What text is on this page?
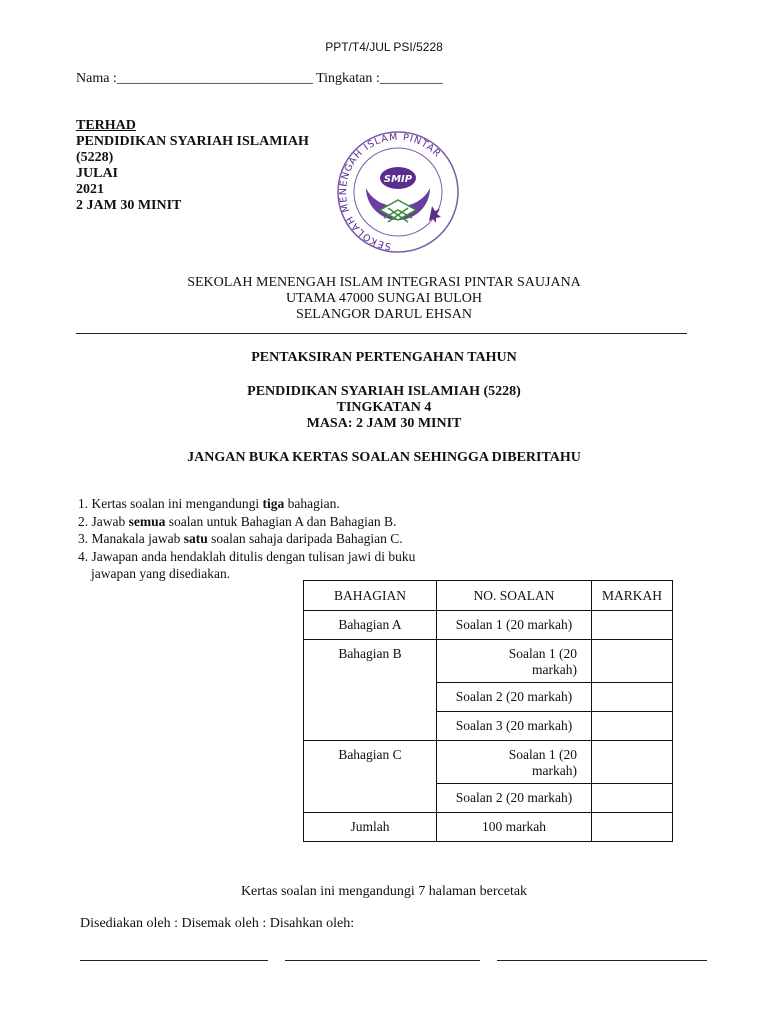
PPT/T4/JUL PSI/5228
Nama :____________________________ Tingkatan :_________
TERHAD
PENDIDIKAN SYARIAH ISLAMIAH
(5228)
JULAI
2021
2 JAM 30 MINIT
SEKOLAH MENENGAH ISLAM PINTAR
SMIP
SEKOLAH MENENGAH ISLAM INTEGRASI PINTAR SAUJANA
UTAMA 47000 SUNGAI BULOH
SELANGOR DARUL EHSAN
PENTAKSIRAN PERTENGAHAN TAHUN
PENDIDIKAN SYARIAH ISLAMIAH (5228)
TINGKATAN 4
MASA: 2 JAM 30 MINIT
JANGAN BUKA KERTAS SOALAN SEHINGGA DIBERITAHU
1. Kertas soalan ini mengandungi tiga bahagian.
2. Jawab semua soalan untuk Bahagian A dan Bahagian B.
3. Manakala jawab satu soalan sahaja daripada Bahagian C.
4. Jawapan anda hendaklah ditulis dengan tulisan jawi di buku
jawapan yang disediakan.
BAHAGIAN	NO. SOALAN	MARKAH
Bahagian A	Soalan 1 (20 markah)	
Bahagian B	Soalan 1 (20
markah)	

	Soalan 2 (20 markah)	
	Soalan 3 (20 markah)	
Bahagian C	Soalan 1 (20
markah)	

	Soalan 2 (20 markah)	
Jumlah	100 markah	
Kertas soalan ini mengandungi 7 halaman bercetak
Disediakan oleh : Disemak oleh : Disahkan oleh:
